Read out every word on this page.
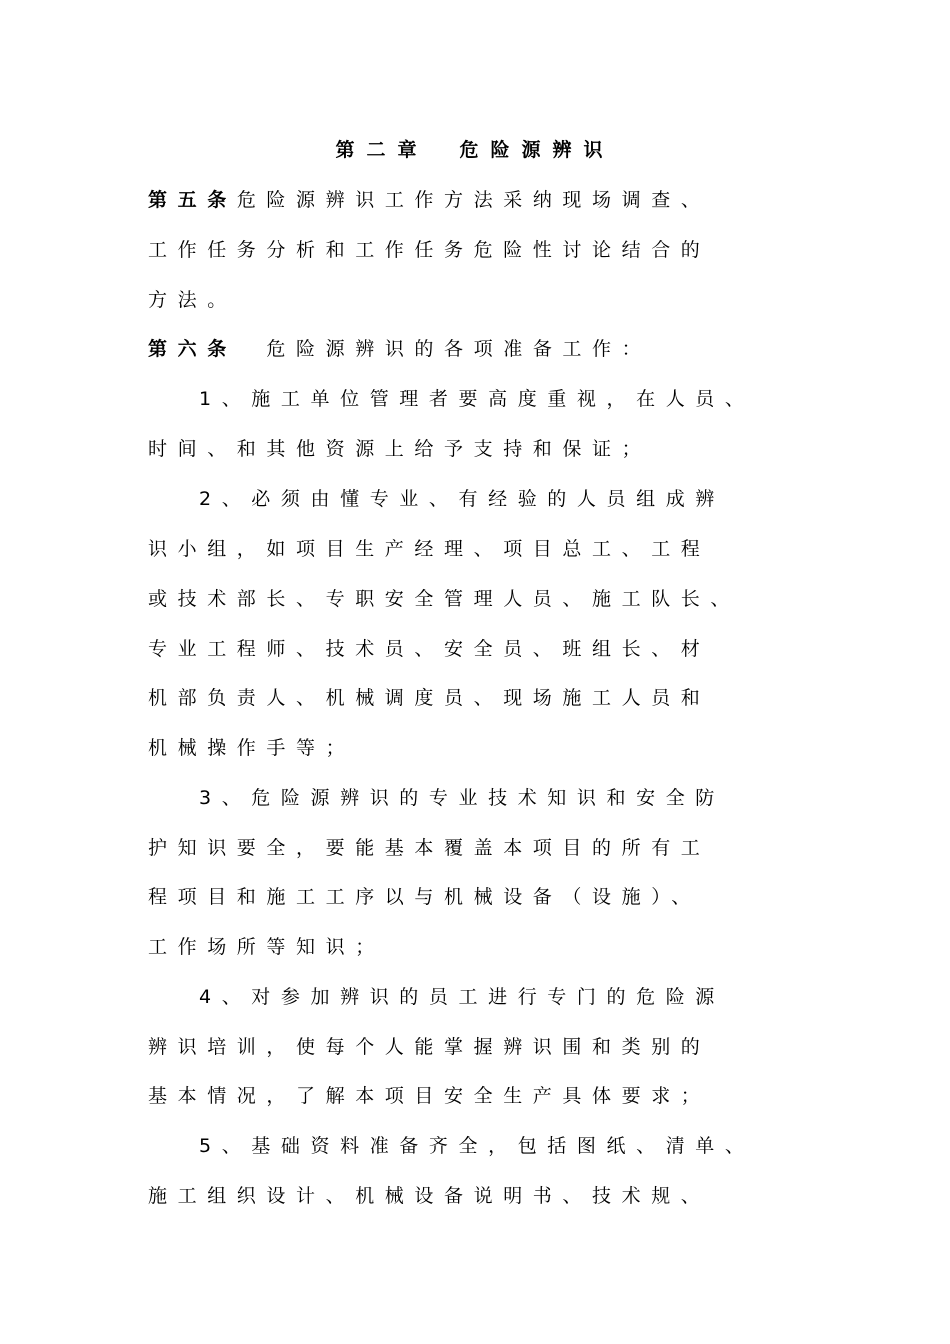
第二章　危险源辨识
第五条危险源辨识工作方法采纳现场调查、
工作任务分析和工作任务危险性讨论结合的
方法。
第六条　危险源辨识的各项准备工作：
1、施工单位管理者要高度重视，在人员、
时间、和其他资源上给予支持和保证；
2、必须由懂专业、有经验的人员组成辨
识小组，如项目生产经理、项目总工、工程
或技术部长、专职安全管理人员、施工队长、
专业工程师、技术员、安全员、班组长、材
机部负责人、机械调度员、现场施工人员和
机械操作手等；
3、危险源辨识的专业技术知识和安全防
护知识要全，要能基本覆盖本项目的所有工
程项目和施工工序以与机械设备（设施）、
工作场所等知识；
4、对参加辨识的员工进行专门的危险源
辨识培训，使每个人能掌握辨识围和类别的
基本情况，了解本项目安全生产具体要求；
5、基础资料准备齐全，包括图纸、清单、
施工组织设计、机械设备说明书、技术规、
